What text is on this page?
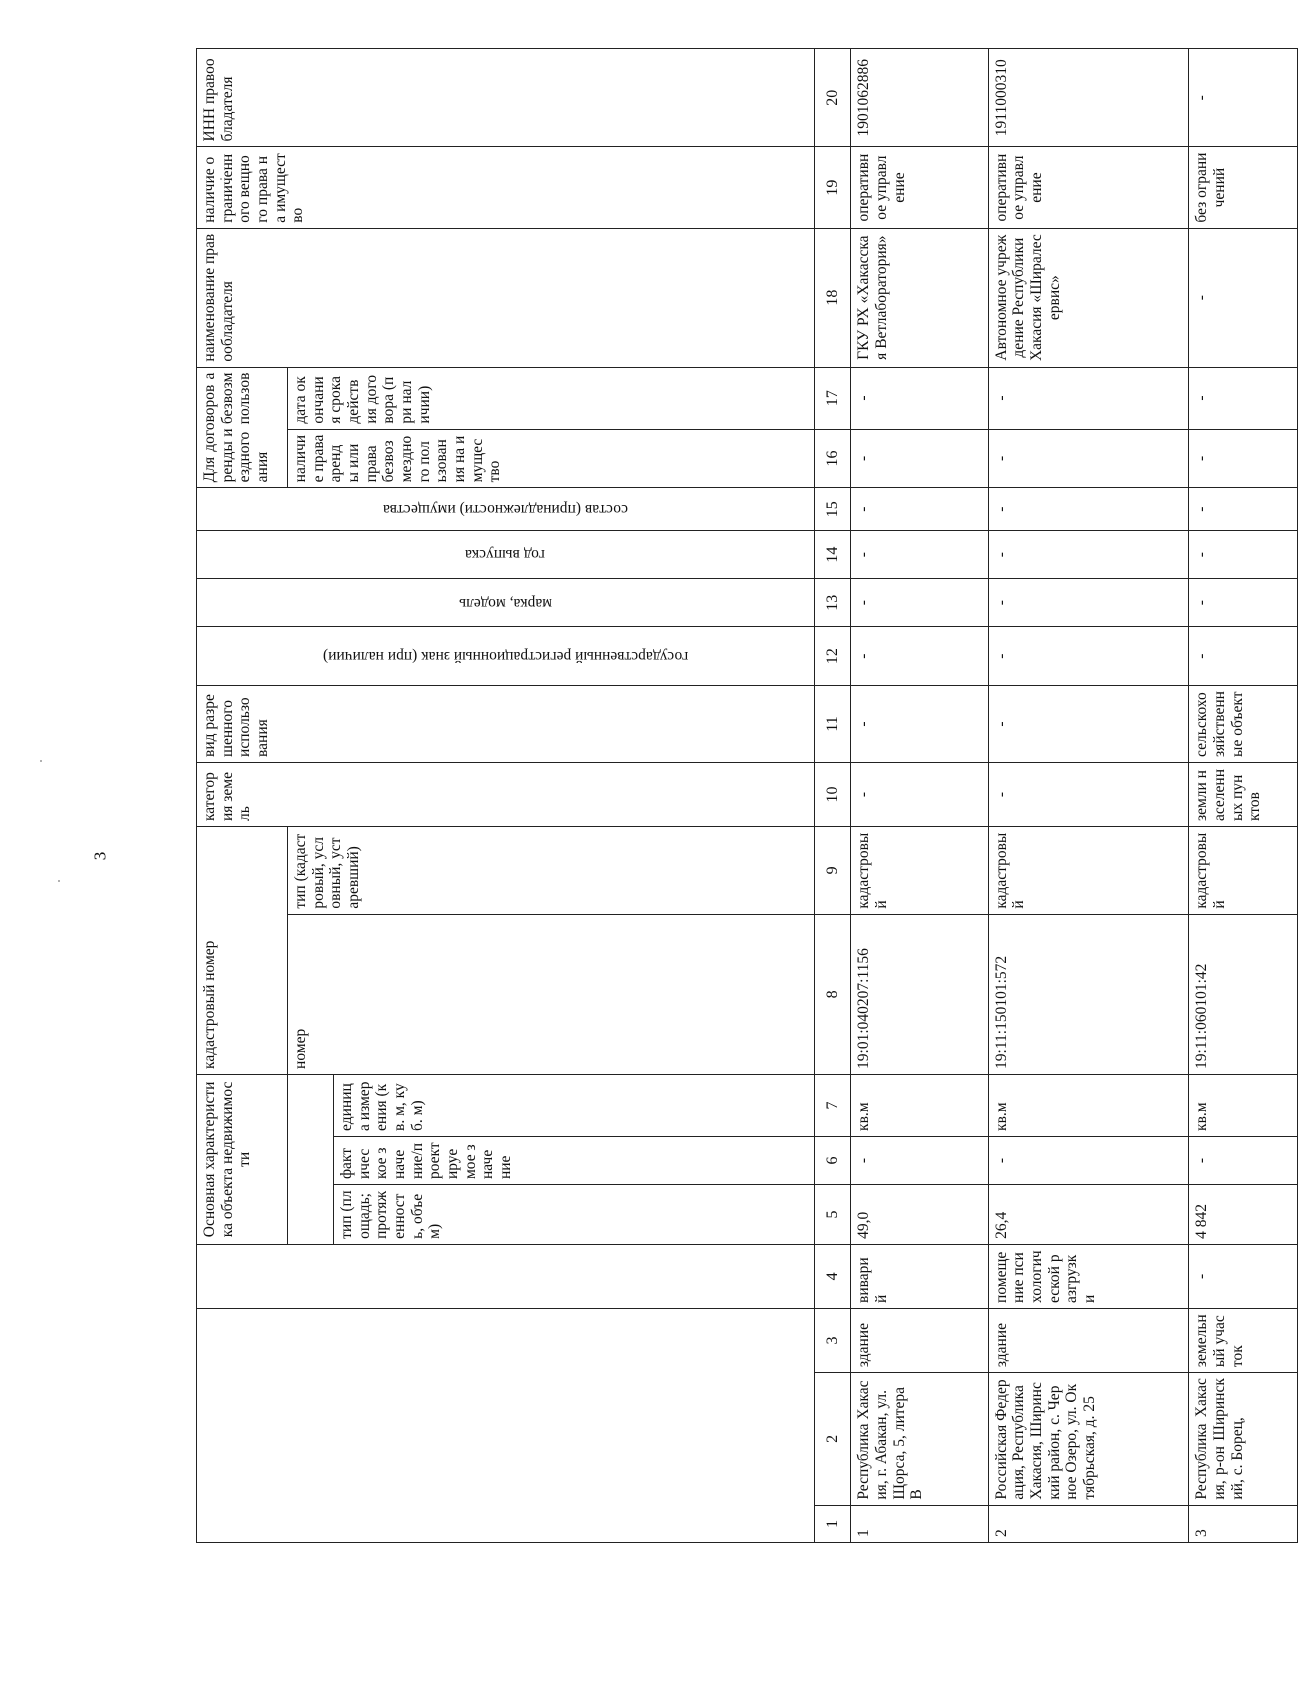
3
				Основная характеристика объекта недвижимости			кадастровый номер		категория земель	вид разрешенного использования	государственный регистрационный знак (при наличии)	марка, модель	год выпуска	состав (принадлежности) имущества	Для договоров аренды и безвозмездного пользования		наименование правообладателя	наличие ограниченного вещного права на имущество	ИНН правообладателя
							номер	тип (кадастровый, условный, устаревший)							наличие права аренды или права безвозмездного пользования на имущество	дата окончания срока действия договора (при наличии)			
				тип (площадь; протяженность, объем)	фактическое значение/проектируемое значение	единица измерения (кв. м, куб. м)													
1	2	3	4	5	6	7	8	9	10	11	12	13	14	15	16	17	18	19	20
1	Республика Хакасия, г. Абакан, ул. Щорса, 5, литера В	здание	виварий	49,0	-	кв.м	19:01:040207:1156	кадастровый	-	-	-	-	-	-	-	-	ГКУ РХ «Хакасская Ветлаборатория»	оперативное управление	1901062886
2	Российская Федерация, Республика Хакасия, Ширинский район, с. Черное Озеро, ул. Октябрьская, д. 25	здание	помещение психологической разгрузки	26,4	-	кв.м	19:11:150101:572	кадастровый	-	-	-	-	-	-	-	-	Автономное учреждение Республики Хакасия «Ширалесервис»	оперативное управление	1911000310
3	Республика Хакасия, р-он Ширинский, с. Борец,	земельный участок	-	4 842	-	кв.м	19:11:060101:42	кадастровый	земли населенных пунктов	сельскохозяйственные объект	-	-	-	-	-	-	-	без ограничений	-
